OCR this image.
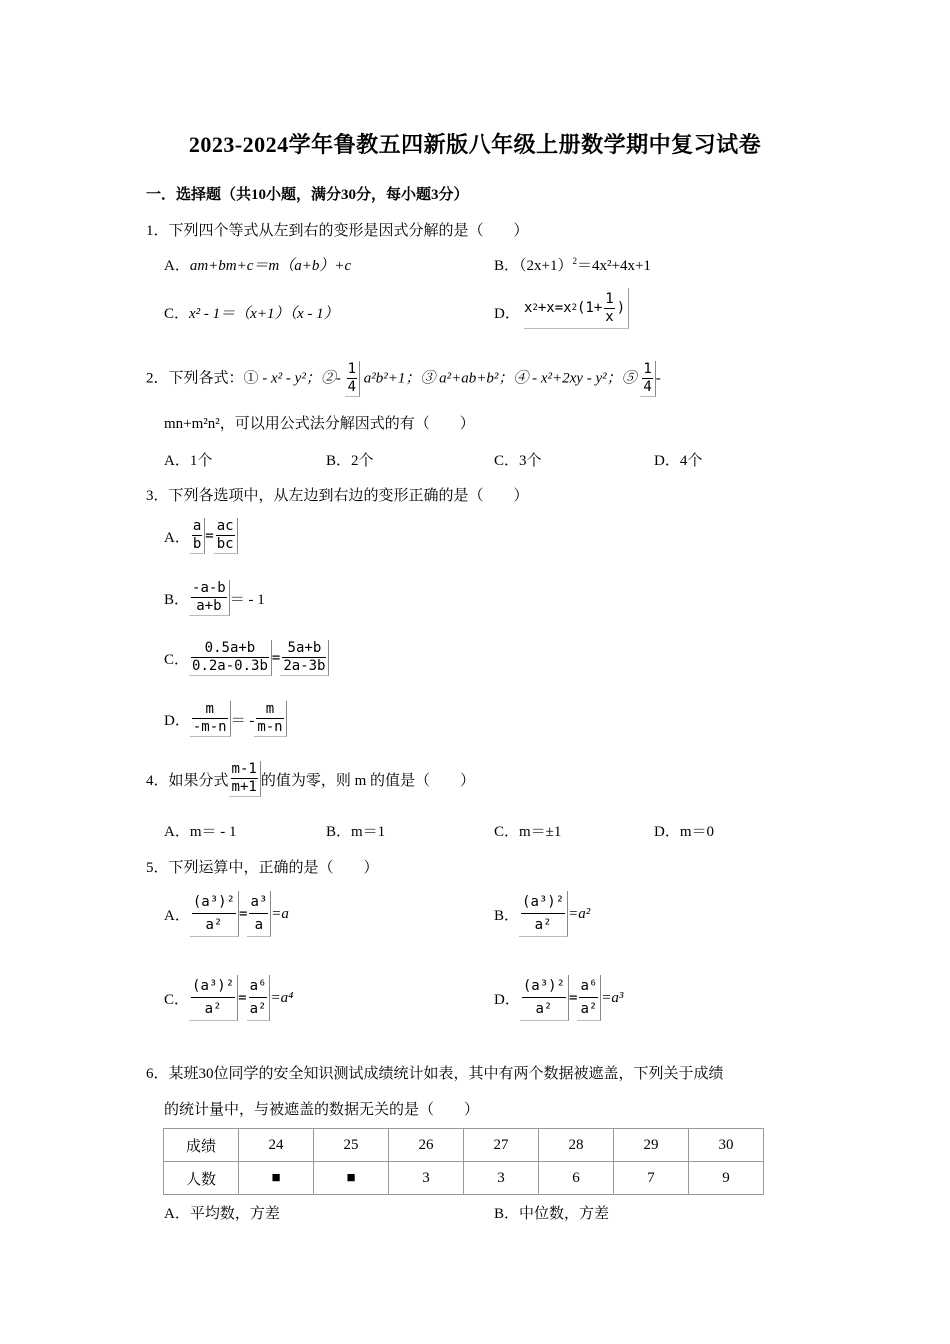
2023-2024学年鲁教五四新版八年级上册数学期中复习试卷
一．选择题（共10小题，满分30分，每小题3分）
1．下列四个等式从左到右的变形是因式分解的是（　　）
A．am+bm+c＝m（a+b）+c	B．$(2x+1)^2=4x^2+4x+1$
C．x² - 1＝（x+1）（x - 1）	D． x 2 +x=x 2 ($1+ \frac{1}{x}$ )
2．下列各式：① - x² - y²；②- $\frac{1}{4} a^2b^2+1$；③ a²+ab+b²；④ - x²+2xy - y²；⑤ $\frac{1}{4}$ -
mn+m²n²，可以用公式法分解因式的有（　　）
A．1个	B．2个	C．3个	D．4个
3．下列各选项中，从左边到右边的变形正确的是（　　）
A． $\frac{a}{b} = \frac{ac}{bc}$
B． $\frac{-a-b}{a+b}$ ＝ - 1
C． $\frac{0.5a+b}{0.2a-0.3b} = \frac{5a+b}{2a-3b}$
D． $\frac{m}{-m-n}$ ＝ - $\frac{m}{m-n}$
4．如果分式 $\frac{m-1}{m+1}$ 的值为零，则 m 的值是（　　）
A．m＝ - 1	B．m＝1	C．m＝±1	D．m＝0
5．下列运算中，正确的是（　　）
A． $\frac{\text{(a³)²}}{\text{a²}} = \frac{\text{a³}}{a} =a$	B． $\frac{\text{(a³)²}}{\text{a²}} =a^2$
C． $\frac{\text{(a³)²}}{\text{a²}} = \frac{\text{a⁶}}{\text{a²}} =a^4$	D． $\frac{\text{(a³)²}}{\text{a²}} = \frac{\text{a⁶}}{\text{a²}} =a^3$
6．某班30位同学的安全知识测试成绩统计如表，其中有两个数据被遮盖，下列关于成绩
的统计量中，与被遮盖的数据无关的是（　　）
成绩	24	25	26	27	28	29	30
人数	■	■	3	3	6	7	9
A．平均数，方差	B．中位数，方差
